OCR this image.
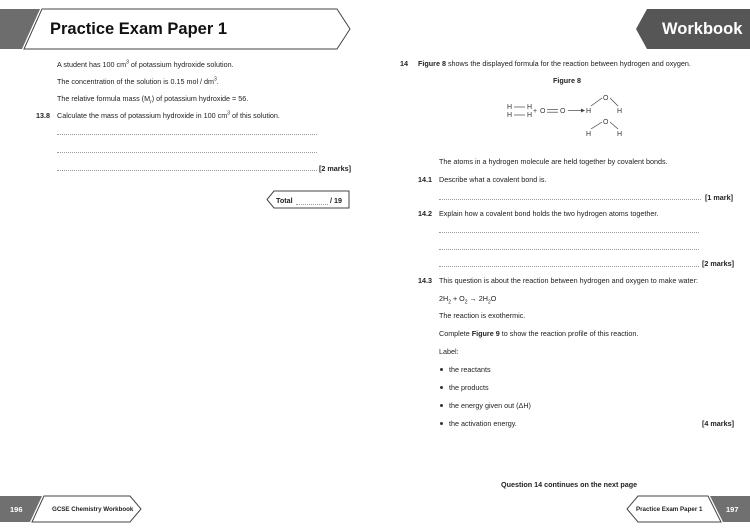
Practice Exam Paper 1
A student has 100 $cm^3$ of potassium hydroxide solution.
The concentration of the solution is 0.15 mol / $dm^3$.
The relative formula mass $(M_r)$ of potassium hydroxide = 56.
13.8 Calculate the mass of potassium hydroxide in 100 $cm^3$ of this solution.
[2 marks]
Total	/ 19
196	GCSE Chemistry Workbook
Workbook
14 Figure 8 shows the displayed formula for the reaction between hydrogen and oxygen.
Figure 8
H H
H H
+ O O	H
O
H
H
O
H
The atoms in a hydrogen molecule are held together by covalent bonds.
14.1 Describe what a covalent bond is.
[1 mark]
14.2 Explain how a covalent bond holds the two hydrogen atoms together.
[2 marks]
14.3 This question is about the reaction between hydrogen and oxygen to make water:
$2H_2 + O_2 \to 2H_2O$
The reaction is exothermic.
Complete Figure 9 to show the reaction profile of this reaction.
Label:
the reactants
the products
the energy given out (ΔH)
the activation energy.	[4 marks]
Question 14 continues on the next page
Practice Exam Paper 1	197
